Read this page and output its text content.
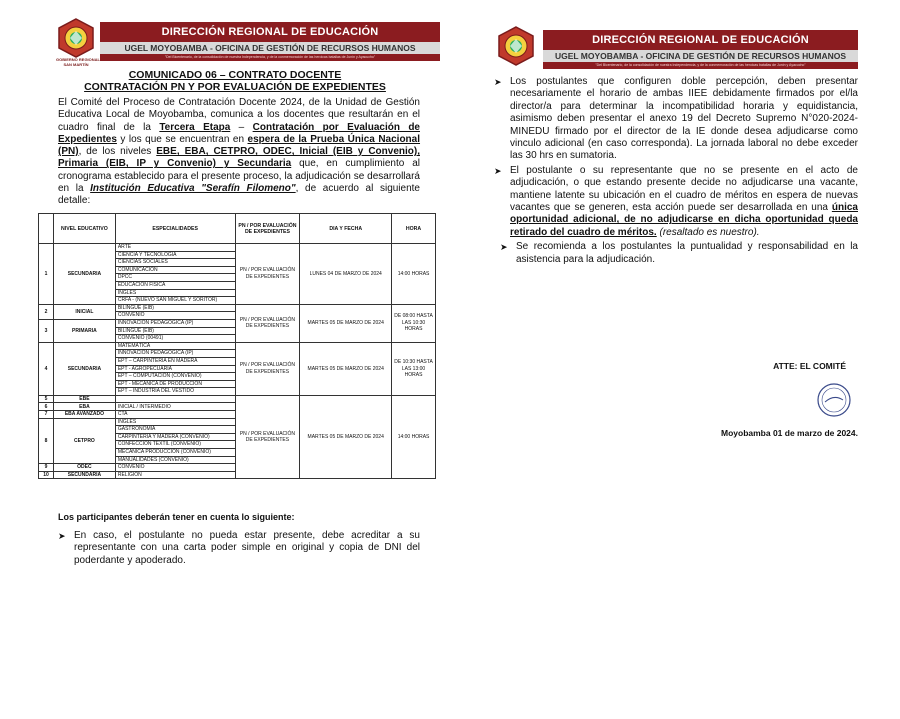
GOBIERNO REGIONAL
SAN MARTÍN
DIRECCIÓN REGIONAL DE EDUCACIÓN
UGEL MOYOBAMBA - OFICINA DE GESTIÓN DE RECURSOS HUMANOS
"Del Bicentenario, de la consolidación de nuestra Independencia, y de la conmemoración de las heroicas batallas de Junín y Ayacucho"
COMUNICADO 06 – CONTRATO DOCENTE
CONTRATACIÓN PN Y POR EVALUACIÓN DE EXPEDIENTES
El Comité del Proceso de Contratación Docente 2024, de la Unidad de Gestión Educativa Local de Moyobamba, comunica a los docentes que resultarán en el cuadro final de la Tercera Etapa – Contratación por Evaluación de Expedientes y los que se encuentran en espera de la Prueba Única Nacional (PN), de los niveles EBE, EBA, CETPRO, ODEC, Inicial (EIB y Convenio), Primaria (EIB, IP y Convenio) y Secundaria que, en cumplimiento al cronograma establecido para el presente proceso, la adjudicación se desarrollará en la Institución Educativa "Serafín Filomeno", de acuerdo al siguiente detalle:
	NIVEL EDUCATIVO	ESPECIALIDADES	PN / POR EVALUACIÓN DE EXPEDIENTES	DIA Y FECHA	HORA
1	SECUNDARIA	ARTE	PN / POR EVALUACIÓN DE EXPEDIENTES	LUNES 04 DE MARZO DE 2024	14:00 HORAS
		CIENCIA Y TECNOLOGIA			
		CIENCIAS SOCIALES			
		COMUNICACIÓN			
		DPCC			
		EDUCACIÓN FISICA			
		INGLES			
		CRFA - (NUEVO SAN MIGUEL Y SORITOR)			
2	INICIAL	BILINGÜE (EIB)	PN / POR EVALUACIÓN DE EXPEDIENTES	MARTES 05 DE MARZO DE 2024	DE 08:00 HASTA LAS 10:30 HORAS
		CONVENIO			
3	PRIMARIA	INNOVACIÓN PEDAGÓGICA (IP)			
		BILINGÜE (EIB)			
		CONVENIO (00491)			
4	SECUNDARIA	MATEMÁTICA	PN / POR EVALUACIÓN DE EXPEDIENTES	MARTES 05 DE MARZO DE 2024	DE 10:30 HASTA LAS 13:00 HORAS
		INNOVACIÓN PEDAGÓGICA (IP)			
		EPT – CARPINTERIA EN MADERA			
		EPT - AGROPECUARIA			
		EPT – COMPUTACIÓN (CONVENIO)			
		EPT - MECÁNICA DE PRODUCCIÓN			
		EPT – INDUSTRIA DEL VESTIDO			
5	EBE		PN / POR EVALUACIÓN DE EXPEDIENTES	MARTES 05 DE MARZO DE 2024	14:00 HORAS
6	EBA	INICIAL / INTERMEDIO			
7	EBA AVANZADO	CTA			
8	CETPRO	INGLÉS			
		GASTRONOMIA			
		CARPINTERIA Y MADERA (CONVENIO)			
		CONFECCIÓN TEXTIL (CONVENIO)			
		MECÁNICA PRODUCCIÓN (CONVENIO)			
		MANUALIDADES (CONVENIO)			
9	ODEC	CONVENIO			
10	SECUNDARIA	RELIGIÓN			
Los participantes deberán tener en cuenta lo siguiente:
➤ En caso, el postulante no pueda estar presente, debe acreditar a su representante con una carta poder simple en original y copia de DNI del poderdante y apoderado.
DIRECCIÓN REGIONAL DE EDUCACIÓN
UGEL MOYOBAMBA - OFICINA DE GESTIÓN DE RECURSOS HUMANOS
"Del Bicentenario, de la consolidación de nuestra Independencia, y de la conmemoración de las heroicas batallas de Junín y Ayacucho"
➤ Los postulantes que configuren doble percepción, deben presentar necesariamente el horario de ambas IIEE debidamente firmados por el/la director/a para determinar la incompatibilidad horaria y equidistancia, asimismo deben presentar el anexo 19 del Decreto Supremo N°020-2024-MINEDU firmado por el director de la IE donde desea adjudicarse como vinculo adicional (en caso corresponda). La jornada laboral no debe exceder las 30 hrs en sumatoria.
➤ El postulante o su representante que no se presente en el acto de adjudicación, o que estando presente decide no adjudicarse una vacante, mantiene latente su ubicación en el cuadro de méritos en espera de nuevas vacantes que se generen, esta acción puede ser desarrollada en una única oportunidad adicional, de no adjudicarse en dicha oportunidad queda retirado del cuadro de méritos. (resaltado es nuestro).
➤ Se recomienda a los postulantes la puntualidad y responsabilidad en la asistencia para la adjudicación.
ATTE: EL COMITÉ
Moyobamba 01 de marzo de 2024.
